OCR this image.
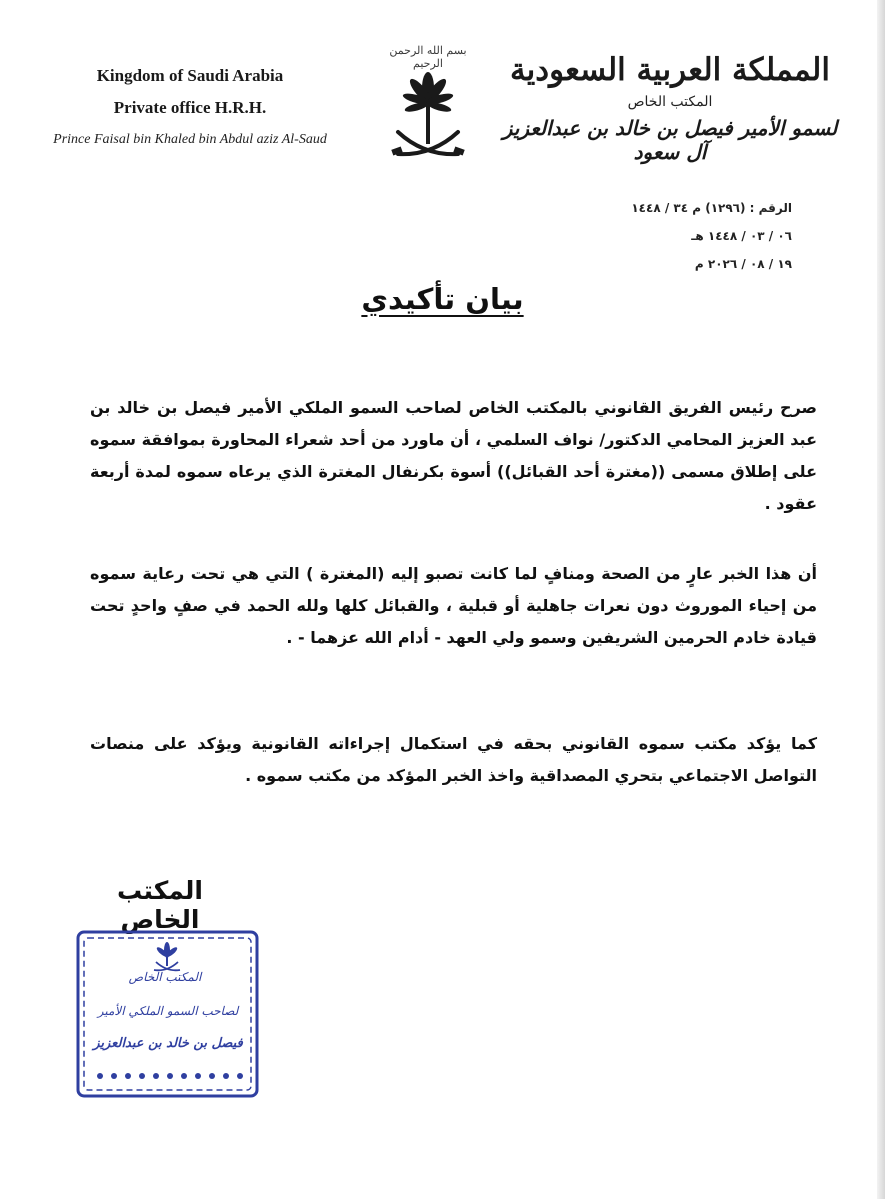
Kingdom of Saudi Arabia
Private office H.R.H.
Prince Faisal bin Khaled bin Abdul aziz Al-Saud
بسم الله الرحمن الرحيم	المملكة العربية السعودية
المكتب الخاص
لسمو الأمير فيصل بن خالد بن عبدالعزيز آل سعود
الرقم : (١٢٩٦) م ٣٤ / ١٤٤٨
٠٦ / ٠٣ / ١٤٤٨ هـ
١٩ / ٠٨ / ٢٠٢٦ م
بيان تأكيدي

صرح رئيس الفريق القانوني بالمكتب الخاص لصاحب السمو الملكي الأمير فيصل بن خالد بن عبد العزيز المحامي الدكتور/ نواف السلمي ، أن ماورد من أحد شعراء المحاورة بموافقة سموه على إطلاق مسمى ((مغترة أحد القبائل)) أسوة بكرنفال المغترة الذي يرعاه سموه لمدة أربعة عقود .

أن هذا الخبر عارٍ من الصحة ومنافٍ لما كانت تصبو إليه (المغترة ) التي هي تحت رعاية سموه من إحياء الموروث دون نعرات جاهلية أو قبلية ، والقبائل كلها ولله الحمد في صفٍ واحدٍ تحت قيادة خادم الحرمين الشريفين وسمو ولي العهد - أدام الله عزهما - .

كما يؤكد مكتب سموه القانوني بحقه في استكمال إجراءاته القانونية ويؤكد على منصات التواصل الاجتماعي بتحري المصداقية واخذ الخبر المؤكد من مكتب سموه .

المكتب الخاص
المكتب الخاص
لصاحب السمو الملكي الأمير
فيصل بن خالد بن عبدالعزيز
